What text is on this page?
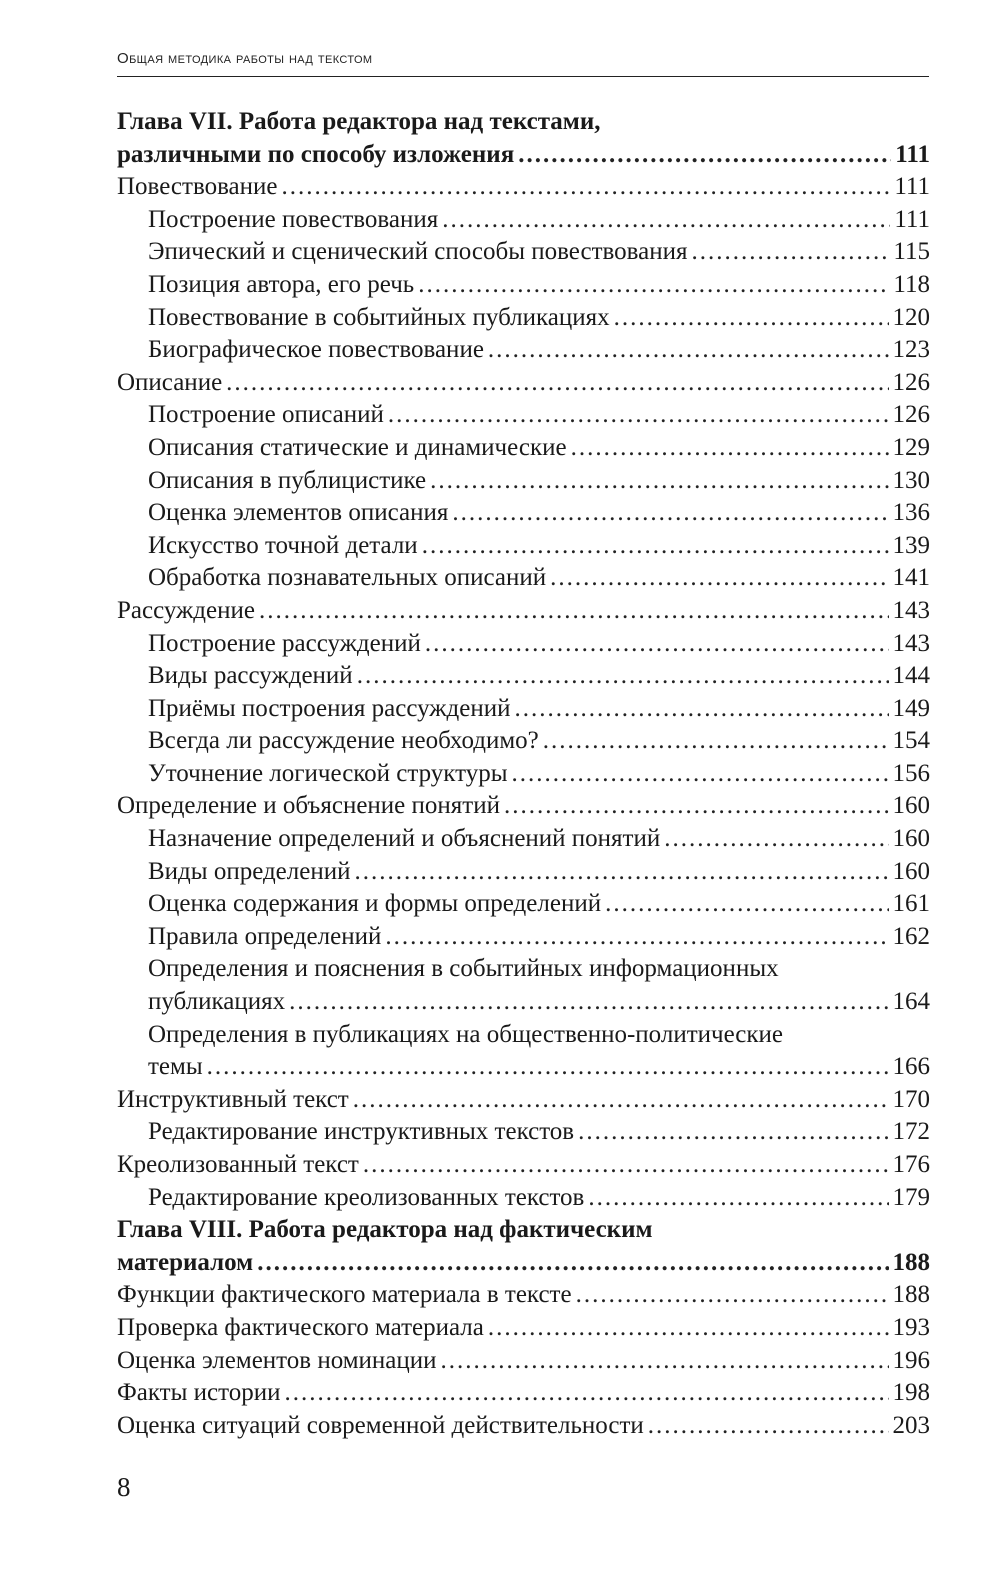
Общая методика работы над текстом
Глава VII. Работа редактора над текстами,
различными по способу изложения .....	111
Повествование .....	111
Построение повествования .....	111
Эпический и сценический способы повествования .....	115
Позиция автора, его речь .....	118
Повествование в событийных публикациях .....	120
Биографическое повествование .....	123
Описание .....	126
Построение описаний .....	126
Описания статические и динамические .....	129
Описания в публицистике .....	130
Оценка элементов описания .....	136
Искусство точной детали .....	139
Обработка познавательных описаний .....	141
Рассуждение .....	143
Построение рассуждений .....	143
Виды рассуждений .....	144
Приёмы построения рассуждений .....	149
Всегда ли рассуждение необходимо? .....	154
Уточнение логической структуры .....	156
Определение и объяснение понятий .....	160
Назначение определений и объяснений понятий .....	160
Виды определений .....	160
Оценка содержания и формы определений .....	161
Правила определений .....	162
Определения и пояснения в событийных информационных
публикациях .....	164
Определения в публикациях на общественно-политические
темы .....	166
Инструктивный текст .....	170
Редактирование инструктивных текстов .....	172
Креолизованный текст .....	176
Редактирование креолизованных текстов .....	179
Глава VIII. Работа редактора над фактическим
материалом .....	188
Функции фактического материала в тексте .....	188
Проверка фактического материала .....	193
Оценка элементов номинации .....	196
Факты истории .....	198
Оценка ситуаций современной действительности .....	203
8
